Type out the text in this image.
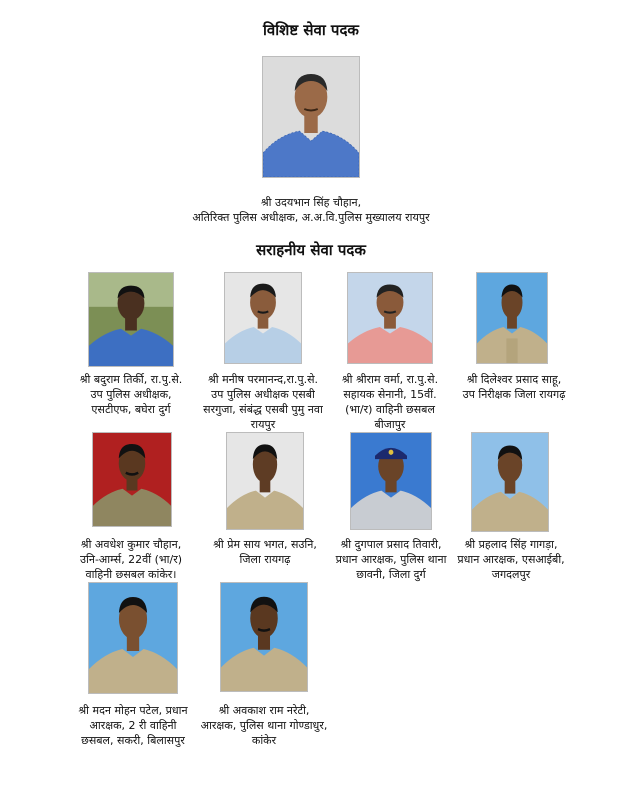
विशिष्ट सेवा पदक
श्री उदयभान सिंह चौहान,
अतिरिक्त पुलिस अधीक्षक, अ.अ.वि.पुलिस मुख्यालय रायपुर
सराहनीय सेवा पदक
श्री बदुराम तिर्की, रा.पु.से.
उप पुलिस अधीक्षक,
एसटीएफ, बघेरा दुर्ग
श्री मनीष परमानन्द,रा.पु.से.
उप पुलिस अधीक्षक एसबी
सरगुजा, संबंद्ध एसबी पुमु नवा
रायपुर
श्री श्रीराम वर्मा, रा.पु.से.
सहायक सेनानी, 15वीं.
(भा/र) वाहिनी छसबल
बीजापुर
श्री दिलेश्वर प्रसाद साहू,
उप निरीक्षक जिला रायगढ़
श्री अवधेश कुमार चौहान,
उनि-आर्म्स, 22वीं (भा/र)
वाहिनी छसबल कांकेर।
श्री प्रेम साय भगत, सउनि,
जिला रायगढ़
श्री दुगपाल प्रसाद तिवारी,
प्रधान आरक्षक, पुलिस थाना
छावनी, जिला दुर्ग
श्री प्रहलाद सिंह गागड़ा,
प्रधान आरक्षक, एसआईबी,
जगदलपुर
श्री मदन मोहन पटेल, प्रधान
आरक्षक, 2 री वाहिनी
छसबल, सकरी, बिलासपुर
श्री अवकाश राम नरेटी,
आरक्षक, पुलिस थाना गोण्डाधुर,
कांकेर
